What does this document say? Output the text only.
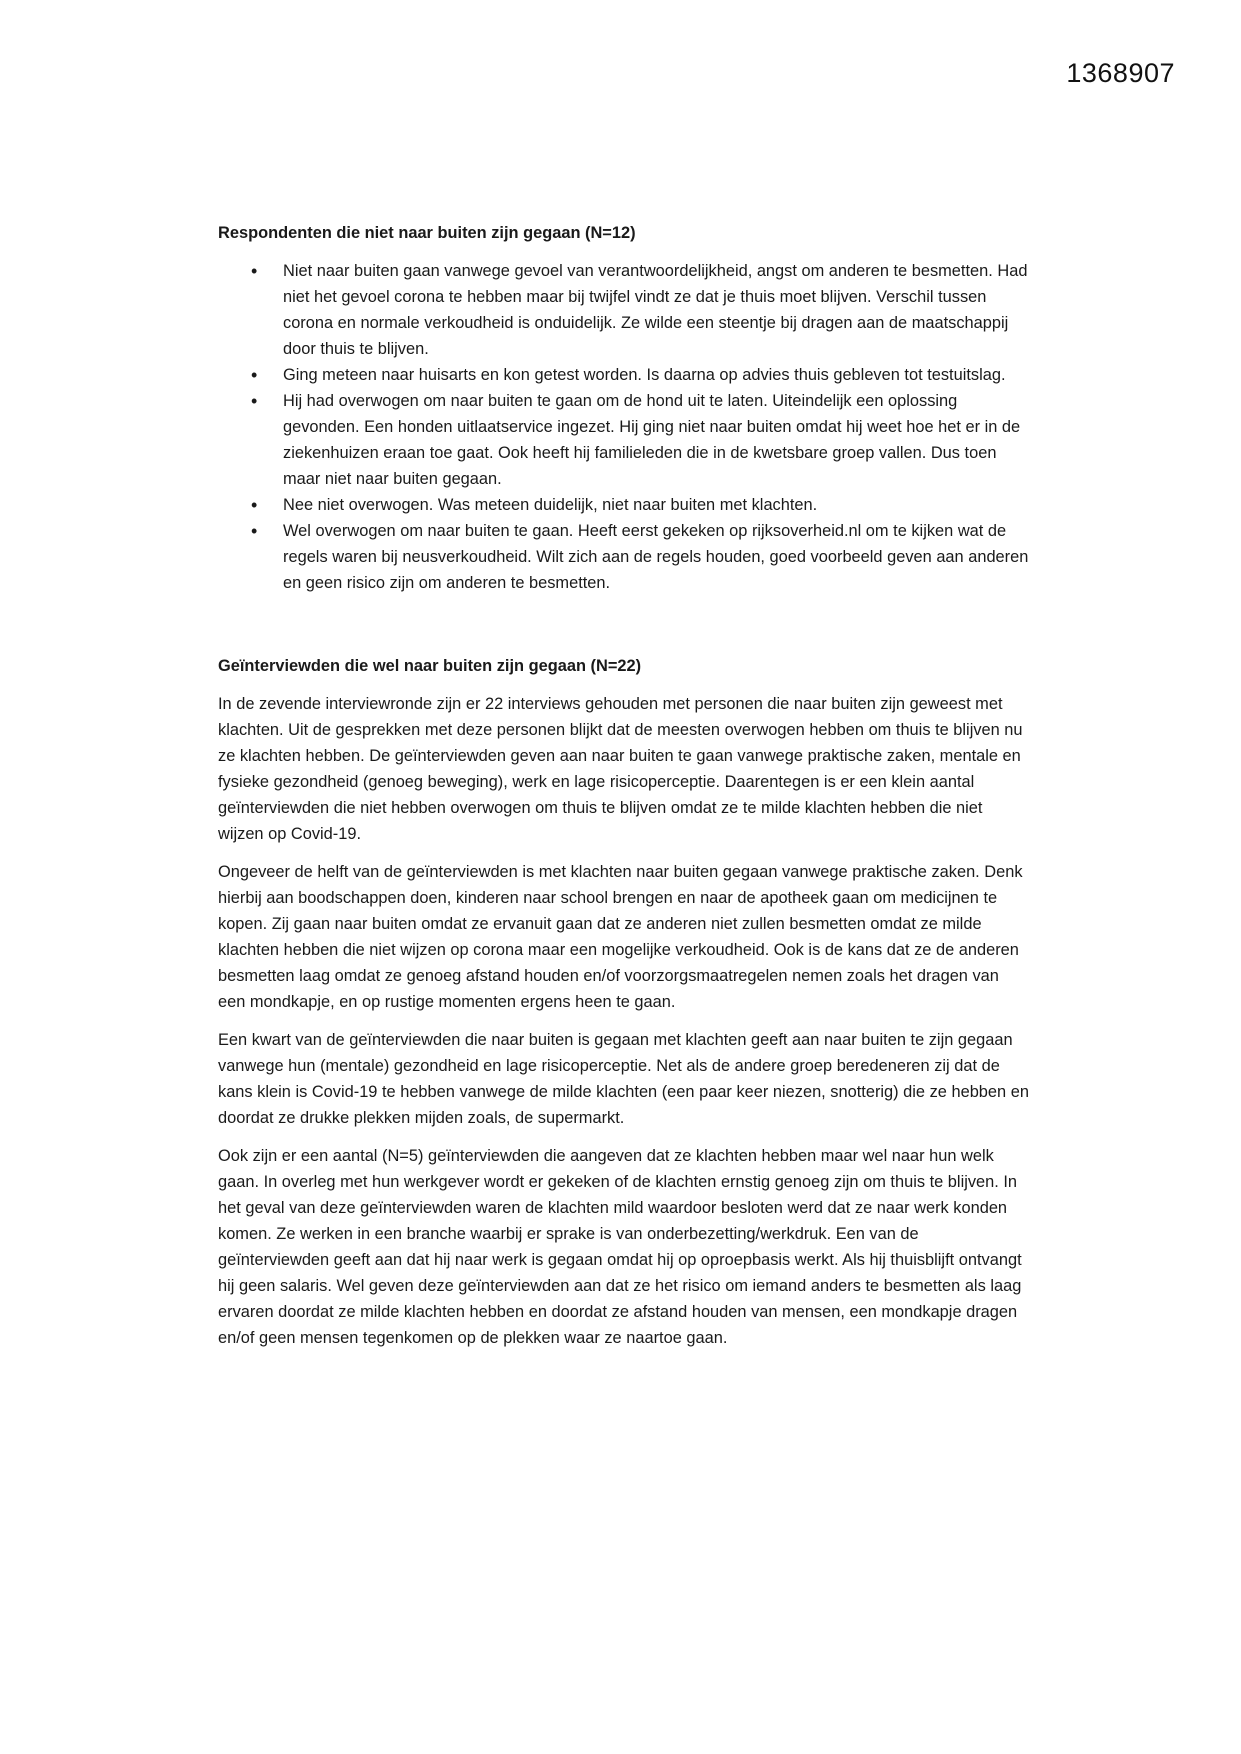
1368907
Respondenten die niet naar buiten zijn gegaan (N=12)
• Niet naar buiten gaan vanwege gevoel van verantwoordelijkheid, angst om anderen te besmetten. Had niet het gevoel corona te hebben maar bij twijfel vindt ze dat je thuis moet blijven. Verschil tussen corona en normale verkoudheid is onduidelijk. Ze wilde een steentje bij dragen aan de maatschappij door thuis te blijven.
• Ging meteen naar huisarts en kon getest worden. Is daarna op advies thuis gebleven tot testuitslag.
• Hij had overwogen om naar buiten te gaan om de hond uit te laten. Uiteindelijk een oplossing gevonden. Een honden uitlaatservice ingezet. Hij ging niet naar buiten omdat hij weet hoe het er in de ziekenhuizen eraan toe gaat. Ook heeft hij familieleden die in de kwetsbare groep vallen. Dus toen maar niet naar buiten gegaan.
• Nee niet overwogen. Was meteen duidelijk, niet naar buiten met klachten.
• Wel overwogen om naar buiten te gaan. Heeft eerst gekeken op rijksoverheid.nl om te kijken wat de regels waren bij neusverkoudheid. Wilt zich aan de regels houden, goed voorbeeld geven aan anderen en geen risico zijn om anderen te besmetten.
Geïnterviewden die wel naar buiten zijn gegaan (N=22)

In de zevende interviewronde zijn er 22 interviews gehouden met personen die naar buiten zijn geweest met klachten. Uit de gesprekken met deze personen blijkt dat de meesten overwogen hebben om thuis te blijven nu ze klachten hebben. De geïnterviewden geven aan naar buiten te gaan vanwege praktische zaken, mentale en fysieke gezondheid (genoeg beweging), werk en lage risicoperceptie. Daarentegen is er een klein aantal geïnterviewden die niet hebben overwogen om thuis te blijven omdat ze te milde klachten hebben die niet wijzen op Covid-19.

Ongeveer de helft van de geïnterviewden is met klachten naar buiten gegaan vanwege praktische zaken. Denk hierbij aan boodschappen doen, kinderen naar school brengen en naar de apotheek gaan om medicijnen te kopen. Zij gaan naar buiten omdat ze ervanuit gaan dat ze anderen niet zullen besmetten omdat ze milde klachten hebben die niet wijzen op corona maar een mogelijke verkoudheid. Ook is de kans dat ze de anderen besmetten laag omdat ze genoeg afstand houden en/of voorzorgsmaatregelen nemen zoals het dragen van een mondkapje, en op rustige momenten ergens heen te gaan.

Een kwart van de geïnterviewden die naar buiten is gegaan met klachten geeft aan naar buiten te zijn gegaan vanwege hun (mentale) gezondheid en lage risicoperceptie. Net als de andere groep beredeneren zij dat de kans klein is Covid-19 te hebben vanwege de milde klachten (een paar keer niezen, snotterig) die ze hebben en doordat ze drukke plekken mijden zoals, de supermarkt.

Ook zijn er een aantal (N=5) geïnterviewden die aangeven dat ze klachten hebben maar wel naar hun welk gaan. In overleg met hun werkgever wordt er gekeken of de klachten ernstig genoeg zijn om thuis te blijven. In het geval van deze geïnterviewden waren de klachten mild waardoor besloten werd dat ze naar werk konden komen. Ze werken in een branche waarbij er sprake is van onderbezetting/werkdruk. Een van de geïnterviewden geeft aan dat hij naar werk is gegaan omdat hij op oproepbasis werkt. Als hij thuisblijft ontvangt hij geen salaris. Wel geven deze geïnterviewden aan dat ze het risico om iemand anders te besmetten als laag ervaren doordat ze milde klachten hebben en doordat ze afstand houden van mensen, een mondkapje dragen en/of geen mensen tegenkomen op de plekken waar ze naartoe gaan.
